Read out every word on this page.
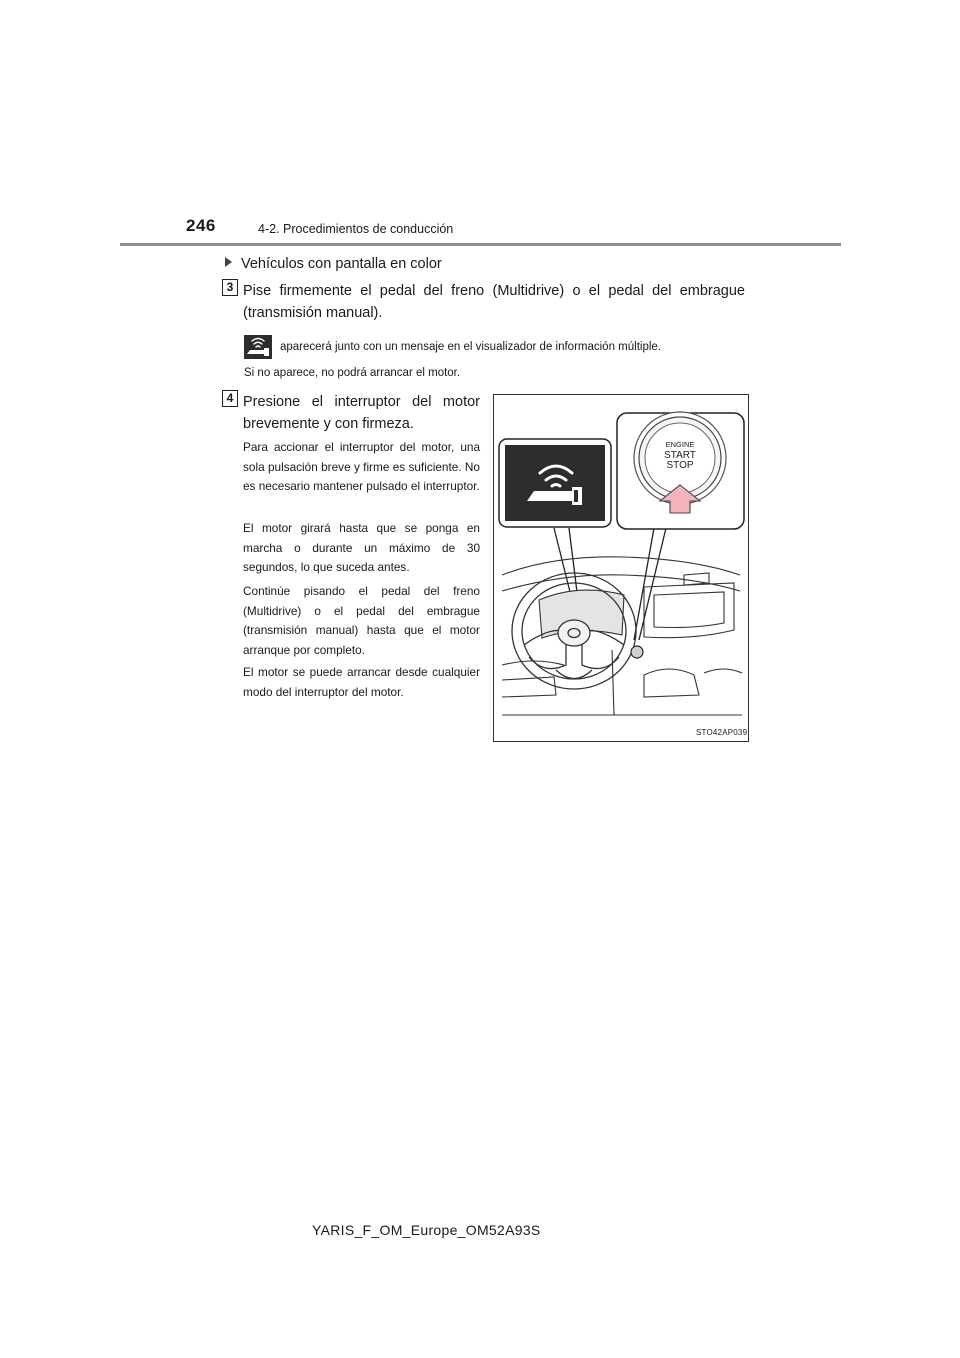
246	4-2. Procedimientos de conducción
Vehículos con pantalla en color
3 Pise firmemente el pedal del freno (Multidrive) o el pedal del embrague (transmisión manual).
aparecerá junto con un mensaje en el visualizador de información múltiple.
Si no aparece, no podrá arrancar el motor.
4 Presione el interruptor del motor brevemente y con firmeza.
Para accionar el interruptor del motor, una sola pulsación breve y firme es suficiente. No es necesario mantener pulsado el interruptor.
El motor girará hasta que se ponga en marcha o durante un máximo de 30 segundos, lo que suceda antes.
Continúe pisando el pedal del freno (Multidrive) o el pedal del embrague (transmisión manual) hasta que el motor arranque por completo.
El motor se puede arrancar desde cualquier modo del interruptor del motor.
ENGINE
START
STOP
STO42AP039
YARIS_F_OM_Europe_OM52A93S
